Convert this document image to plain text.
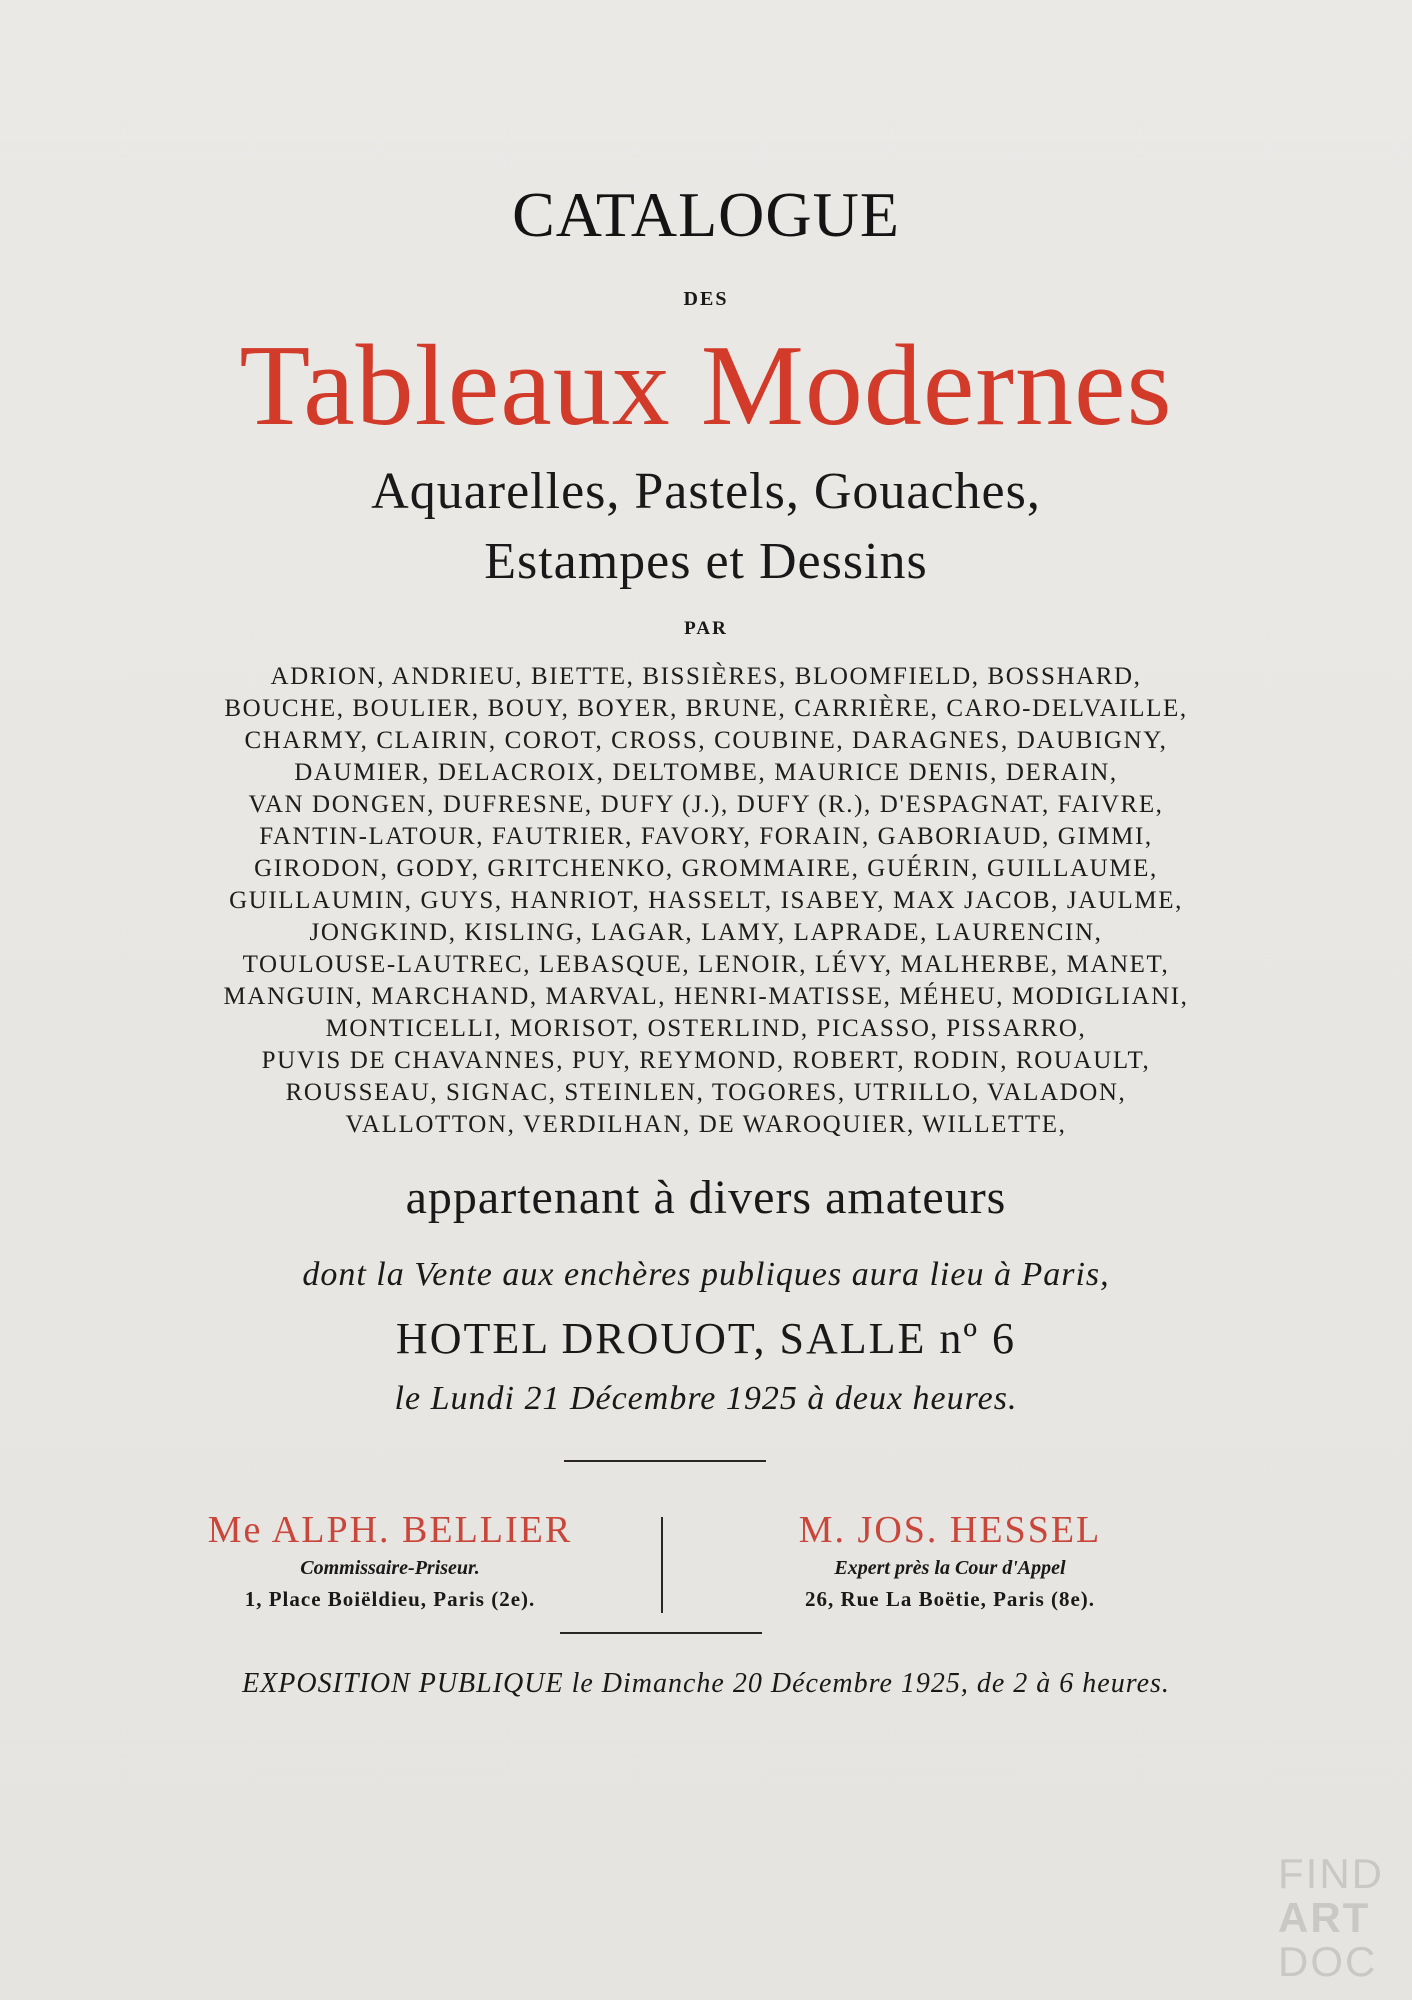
CATALOGUE
DES
Tableaux Modernes
Aquarelles, Pastels, Gouaches,
Estampes et Dessins
PAR
ADRION, ANDRIEU, BIETTE, BISSIÈRES, BLOOMFIELD, BOSSHARD,
BOUCHE, BOULIER, BOUY, BOYER, BRUNE, CARRIÈRE, CARO-DELVAILLE,
CHARMY, CLAIRIN, COROT, CROSS, COUBINE, DARAGNES, DAUBIGNY,
DAUMIER, DELACROIX, DELTOMBE, MAURICE DENIS, DERAIN,
VAN DONGEN, DUFRESNE, DUFY (J.), DUFY (R.), D'ESPAGNAT, FAIVRE,
FANTIN-LATOUR, FAUTRIER, FAVORY, FORAIN, GABORIAUD, GIMMI,
GIRODON, GODY, GRITCHENKO, GROMMAIRE, GUÉRIN, GUILLAUME,
GUILLAUMIN, GUYS, HANRIOT, HASSELT, ISABEY, MAX JACOB, JAULME,
JONGKIND, KISLING, LAGAR, LAMY, LAPRADE, LAURENCIN,
TOULOUSE-LAUTREC, LEBASQUE, LENOIR, LÉVY, MALHERBE, MANET,
MANGUIN, MARCHAND, MARVAL, HENRI-MATISSE, MÉHEU, MODIGLIANI,
MONTICELLI, MORISOT, OSTERLIND, PICASSO, PISSARRO,
PUVIS DE CHAVANNES, PUY, REYMOND, ROBERT, RODIN, ROUAULT,
ROUSSEAU, SIGNAC, STEINLEN, TOGORES, UTRILLO, VALADON,
VALLOTTON, VERDILHAN, DE WAROQUIER, WILLETTE,
appartenant à divers amateurs
dont la Vente aux enchères publiques aura lieu à Paris,
HOTEL DROUOT, SALLE nº 6
le Lundi 21 Décembre 1925 à deux heures.
Me ALPH. BELLIER
Commissaire-Priseur.
1, Place Boiëldieu, Paris (2e).
M. JOS. HESSEL
Expert près la Cour d'Appel
26, Rue La Boëtie, Paris (8e).
EXPOSITION PUBLIQUE le Dimanche 20 Décembre 1925, de 2 à 6 heures.
FIND
ART
DOC
